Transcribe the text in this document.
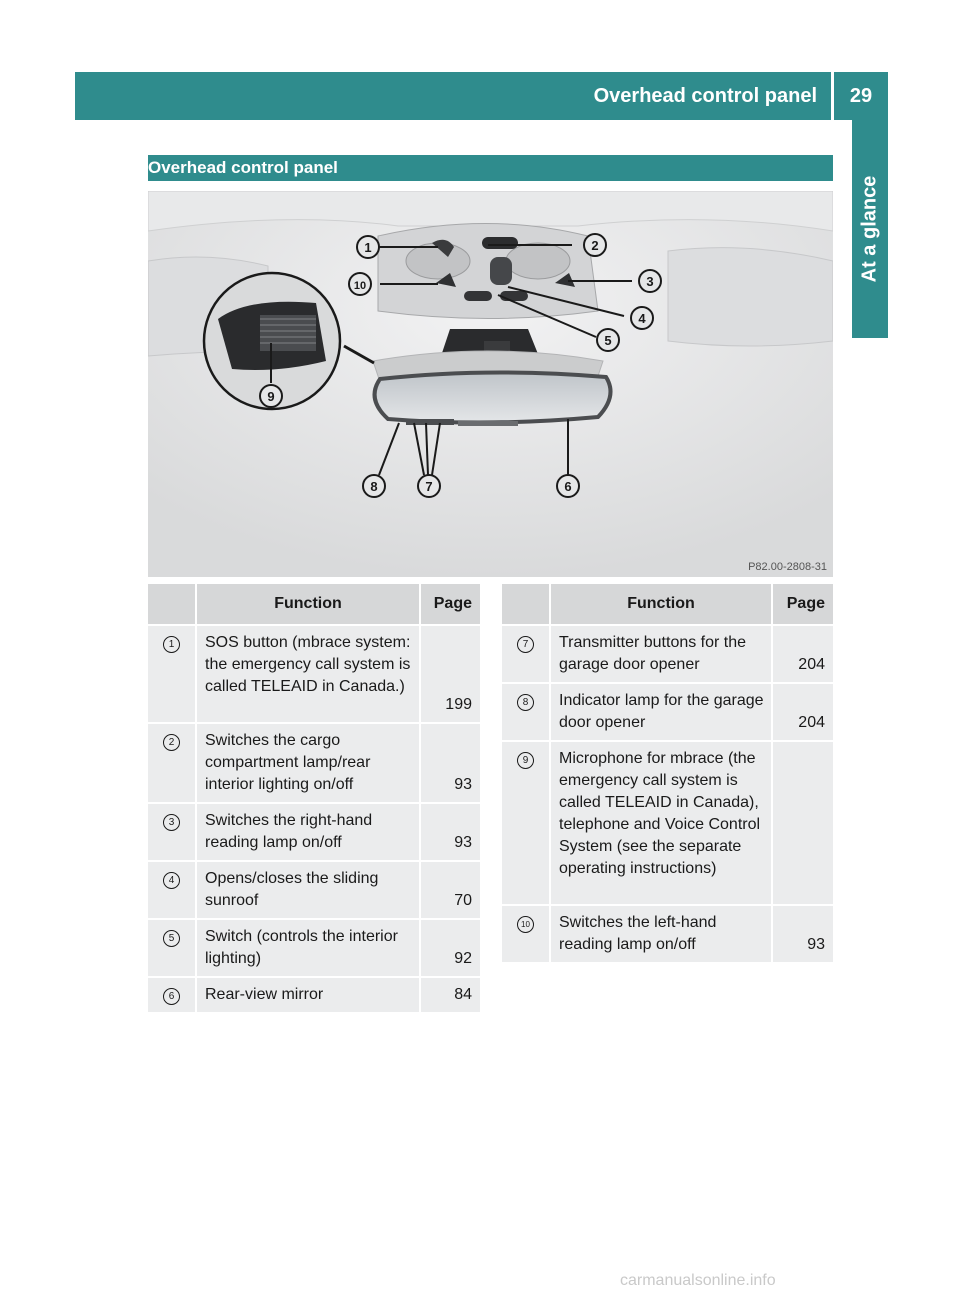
Overhead control panel	29
At a glance
Overhead control panel
1	2
3
4
5
6
7
8
9
10
P82.00-2808-31
	Function	Page
1	SOS button (mbrace system: the emergency call system is called TELEAID in Canada.)	199
2	Switches the cargo compartment lamp/rear interior lighting on/off	93
3	Switches the right-hand reading lamp on/off	93
4	Opens/closes the sliding sunroof	70
5	Switch (controls the interior lighting)	92
6	Rear-view mirror	84
	Function	Page
7	Transmitter buttons for the garage door opener	204
8	Indicator lamp for the garage door opener	204
9	Microphone for mbrace (the emergency call system is called TELEAID in Canada), telephone and Voice Control System (see the separate operating instructions)	
10	Switches the left-hand reading lamp on/off	93
carmanualsonline.info
